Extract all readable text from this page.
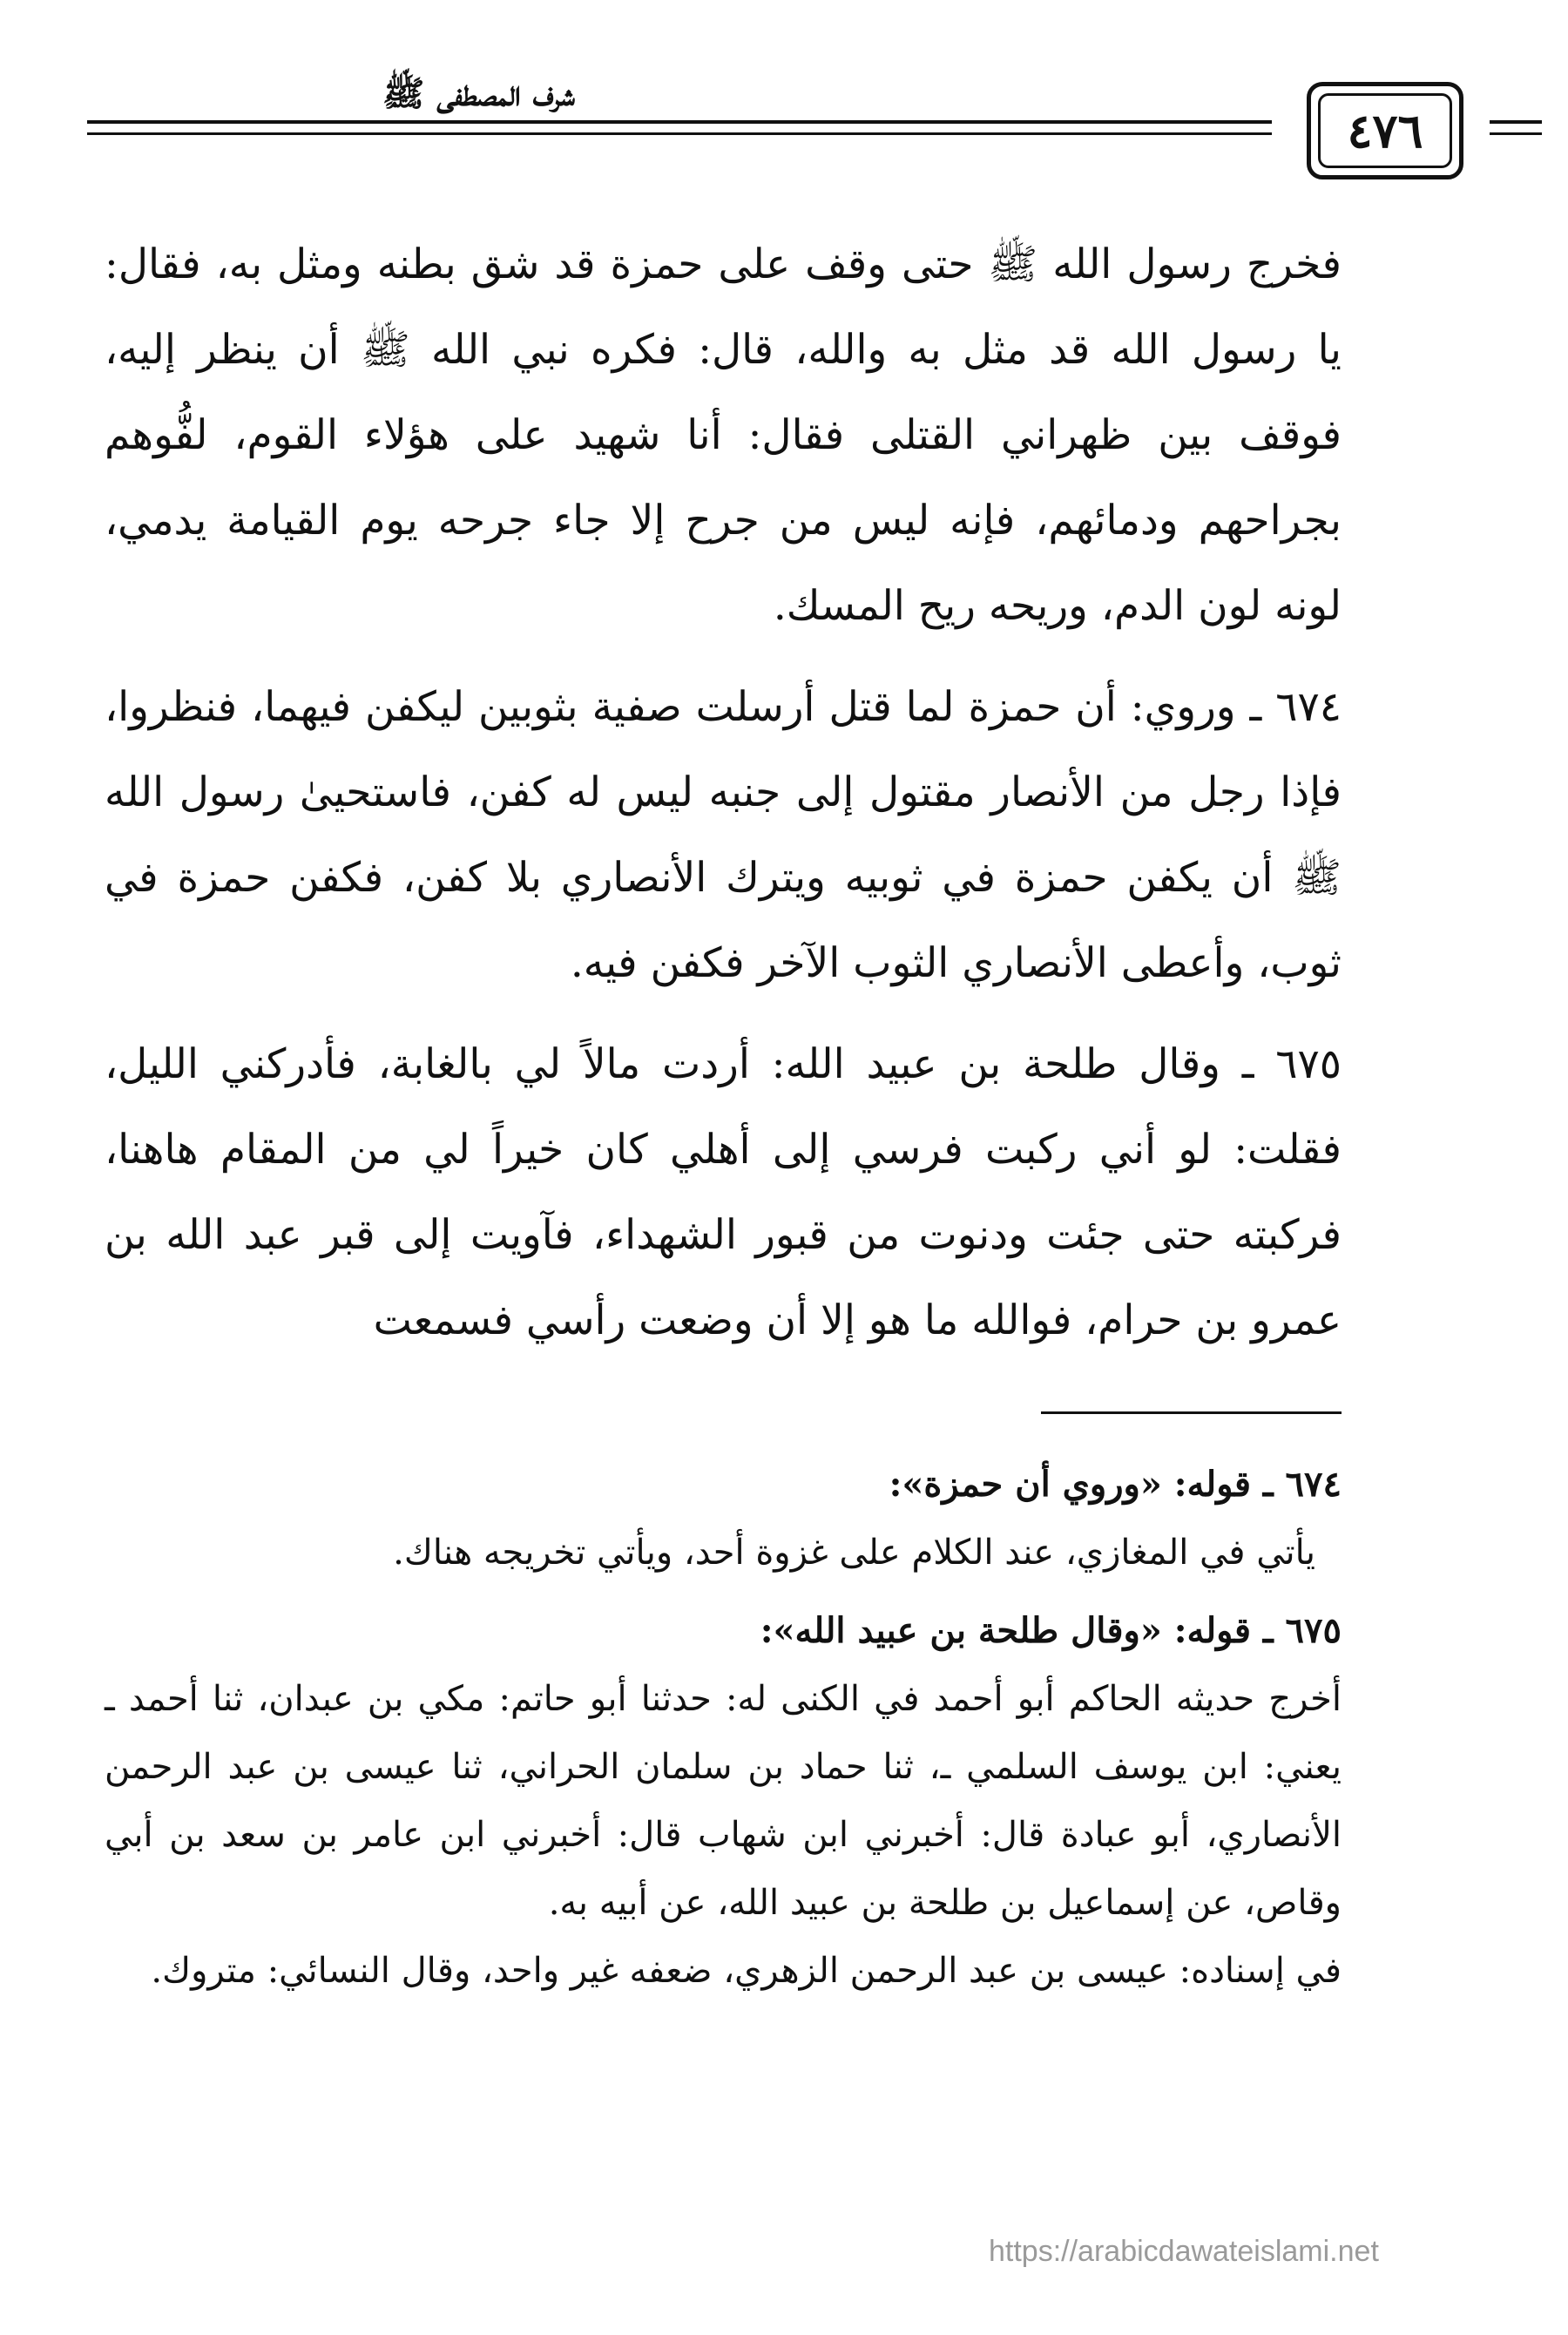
شرف المصطفى ﷺ
٤٧٦

فخرج رسول الله ﷺ حتى وقف على حمزة قد شق بطنه ومثل به، فقال: يا رسول الله قد مثل به والله، قال: فكره نبي الله ﷺ أن ينظر إليه، فوقف بين ظهراني القتلى فقال: أنا شهيد على هؤلاء القوم، لفُّوهم بجراحهم ودمائهم، فإنه ليس من جرح إلا جاء جرحه يوم القيامة يدمي، لونه لون الدم، وريحه ريح المسك.

٦٧٤ ـ وروي: أن حمزة لما قتل أرسلت صفية بثوبين ليكفن فيهما، فنظروا، فإذا رجل من الأنصار مقتول إلى جنبه ليس له كفن، فاستحيىٰ رسول الله ﷺ أن يكفن حمزة في ثوبيه ويترك الأنصاري بلا كفن، فكفن حمزة في ثوب، وأعطى الأنصاري الثوب الآخر فكفن فيه.

٦٧٥ ـ وقال طلحة بن عبيد الله: أردت مالاً لي بالغابة، فأدركني الليل، فقلت: لو أني ركبت فرسي إلى أهلي كان خيراً لي من المقام هاهنا، فركبته حتى جئت ودنوت من قبور الشهداء، فآويت إلى قبر عبد الله بن عمرو بن حرام، فوالله ما هو إلا أن وضعت رأسي فسمعت

٦٧٤ ـ قوله: «وروي أن حمزة»:

يأتي في المغازي، عند الكلام على غزوة أحد، ويأتي تخريجه هناك.

٦٧٥ ـ قوله: «وقال طلحة بن عبيد الله»:

أخرج حديثه الحاكم أبو أحمد في الكنى له: حدثنا أبو حاتم: مكي بن عبدان، ثنا أحمد ـ يعني: ابن يوسف السلمي ـ، ثنا حماد بن سلمان الحراني، ثنا عيسى بن عبد الرحمن الأنصاري، أبو عبادة قال: أخبرني ابن شهاب قال: أخبرني ابن عامر بن سعد بن أبي وقاص، عن إسماعيل بن طلحة بن عبيد الله، عن أبيه به.

في إسناده: عيسى بن عبد الرحمن الزهري، ضعفه غير واحد، وقال النسائي: متروك.

https://arabicdawateislami.net
